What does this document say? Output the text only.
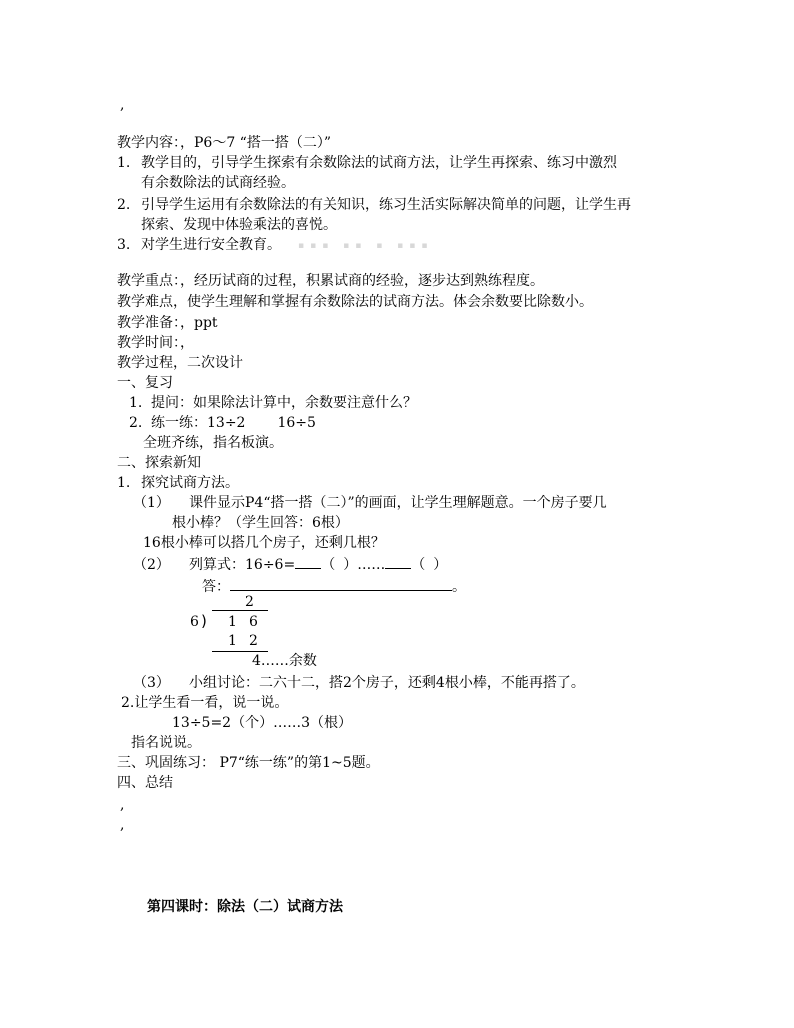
,
教学内容：，P6～7 “搭一搭（二）”
1. 教学目的，引导学生探索有余数除法的试商方法，让学生再探索、练习中激烈
有余数除法的试商经验。
2. 引导学生运用有余数除法的有关知识，练习生活实际解决简单的问题，让学生再
探索、发现中体验乘法的喜悦。
3. 对学生进行安全教育。 ▪▪▪ ▪▪ ▪ ▪▪▪
教学重点：，经历试商的过程，积累试商的经验，逐步达到熟练程度。
教学难点，使学生理解和掌握有余数除法的试商方法。体会余数要比除数小。
教学准备：，ppt
教学时间：，
教学过程，二次设计
一、复习
1. 提问：如果除法计算中，余数要注意什么？
2. 练一练：13÷2 16÷5
全班齐练，指名板演。
二、探索新知
1. 探究试商方法。
（1） 课件显示P4“搭一搭（二）”的画面，让学生理解题意。一个房子要几
根小棒？（学生回答：6根）
16根小棒可以搭几个房子，还剩几根？
（2） 列算式：16÷6= （ ）…… （ ）
答：	。
2
6 ) 1 6
1 2
4……余数
（3） 小组讨论：二六十二，搭2个房子，还剩4根小棒，不能再搭了。
2.让学生看一看，说一说。
13÷5=2（个）……3（根）
指名说说。
三、巩固练习： P7“练一练”的第1~5题。
四、总结
,
,
第四课时：除法（二）试商方法
